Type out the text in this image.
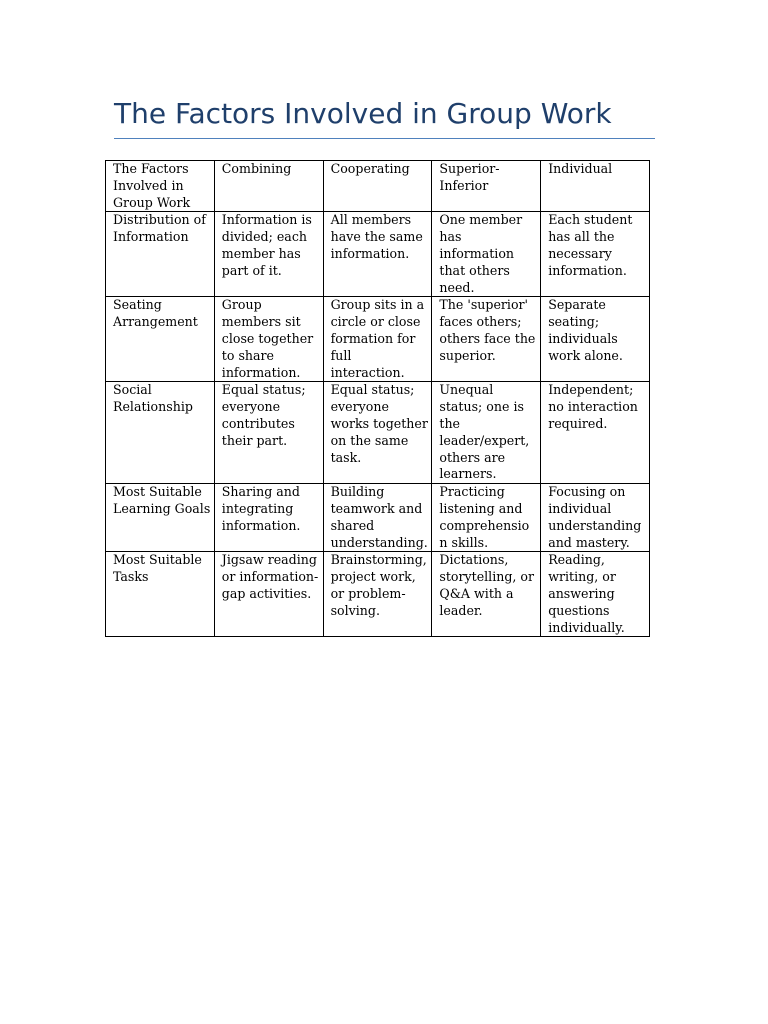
The Factors Involved in Group Work
The Factors Involved in Group Work	Combining	Cooperating	Superior-Inferior	Individual

Distribution of Information	Information is divided; each member has part of it.	All members have the same information.	One member has information that others need.	Each student has all the necessary information.

Seating Arrangement	Group members sit close together to share information.	Group sits in a circle or close formation for full interaction.	The 'superior' faces others; others face the superior.	Separate seating; individuals work alone.

Social Relationship	Equal status; everyone contributes their part.	Equal status; everyone works together on the same task.	Unequal status; one is the leader/expert, others are learners.	Independent; no interaction required.

Most Suitable Learning Goals	Sharing and integrating information.	Building teamwork and shared understanding.	Practicing listening and comprehension skills.	Focusing on individual understanding and mastery.

Most Suitable Tasks	Jigsaw reading or information-gap activities.	Brainstorming, project work, or problem-solving.	Dictations, storytelling, or Q&A with a leader.	Reading, writing, or answering questions individually.
